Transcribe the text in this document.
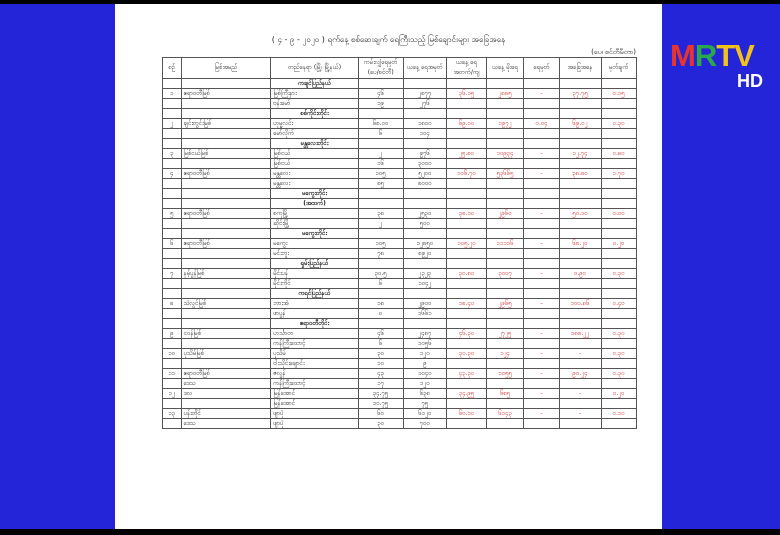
( ၄ - ၉ - ၂၀၂၀ ) ရက်နေ့ စစ်ဆေးချက် ရေကြီးသည့် မြစ်ချောင်းများ အခြေအနေ
(ပေ၊ စင်တီမီတာ)
စဉ်	မြစ်အမည်	တည်နေရာ (မြို့၊ မြို့နယ်)	ကမ်းလျှံရေမှတ် (ပေ/စင်တီ)	ယနေ့ ရေအမှတ်	ယနေ့ ရေအတက်/ကျ	ယနေ့ မိုးရေ	ရေမှတ်	အခြေအနေ	မှတ်ချက်
		ကချင်ပြည်နယ်							
၁	ဧရာဝတီမြစ်	မြစ်ကြီးနား	၄၆	၂၈၇၇	၃၆.၁၅	၂၈၈၅	-	၃၇.၇၅	၀.၁၅
		ဗန်းမော်	၁၉	၂၇၆					
		စစ်ကိုင်းတိုင်း							
၂	ချင်းတွင်းမြစ်	ဟုမ္မလင်း	၆၈.၀၀	၁၈၀၀	၆၉.၁၀	၁၉၇၂	၀.၀၄	၆၉.၀၂	၀.၃၀
		မော်လိုက်	၆	၁၀၄					
		မန္တလေးတိုင်း							
၃	မြစ်ငယ်မြစ်	မြစ်ငယ်	၂	၉၇၆	၂၅.၈၀	၁၀၉၃၄	-	၁၂.၇၄	၀.၈၀
		မြစ်ငယ်	၁၆	၃၀၀၀					
၄	ဧရာဝတီမြစ်	မန္တလေး	၁၀၅	၅၂၀၀	၁၀၆.၇၀	၅၃၆၆၅	-	၃၈.၈၀	၁.၇၀
		မန္တလေး	၈၅	၈၀၀၀					
		မကွေးတိုင်း							
		(အထက်)							
၅	ဧရာဝတီမြစ်	စကုမြို့	၃၈	၂၅၃၀	၃၈.၁၀	၂၉၆၀	-	၅၀.၁၀	၀.၀၀
		ဆိုင်းမြို့	၂	၅၀၀					
		မကွေးတိုင်း							
၆	ဧရာဝတီမြစ်	မကွေး	၁၀၅	၁၂၈၅၀	၁၀၅.၂၀	၁၁၁၁၆	-	၆၈.၂၀	၀.၂၀
		မင်းဘူး	၇၈	၈၉၂၀					
		ရှမ်းပြည်နယ်							
၇	နမ့်ပွန်မြစ်	မိုင်းပန်	၃၀.၅	၂၃၂၃	၃၀.၈၀	၃၀၀၇	-	၀.၉၀	၀.၃၀
		မိုင်းကိုင်	၆	၁၀၄၂					
		ကရင်ပြည်နယ်							
၈	သံလွင်မြစ်	ဘားအံ	၁၈	၂၉၀၀	၁၈.၄၀	၂၉၆၅	-	၁၀၀.၈၆	၀.၄၀
		ဖာပွန်	၀	၁၆၆၁					
		ဧရာဝတီတိုင်း							
၉	ငဝန်မြစ်	ဟင်္သာတ	၄၆	၂၄၈၇	၄၆.၃၀	၂၇၂၅	-	၁၈၈.၂၂	၀.၃၀
		ကန်ကြီးထောင့်	၆	၁၀၅၆					
၁၀	ပုသိမ်မြစ်	ပုသိမ်	၃၀	၁၂၀	၃၀.၃၀	၁၂၄	-	-	၀.၃၀
		ငါးသိုင်းချောင်း	၁၀	၉					
၁၁	ဧရာဝတီမြစ်	ဇလွန်	၄၃	၁၀၄၀	၄၃.၃၀	၁၀၅၅	-	၉၀.၂၄	၀.၃၀
	ဒေသ	ကန်ကြီးထောင့်	၁၇	၁၂၀					
၁၂	ဒလ	မြန်အောင်	၃၄.၇၅	၆၃၈	၃၄.၉၅	၆၈၅	-	-	၀.၂၀
		မြန်အောင်	၁၀.၇၅	၇၅					
၁၃	ပန်းတိုင်	ဖျာပုံ	၆၀	၆၁၂၀	၆၀.၁၀	၆၁၄၃	-	-	၀.၁၀
	ဒေသ	ဖျာပုံ	၃၀	၇၀၀					
MRTV
HD
